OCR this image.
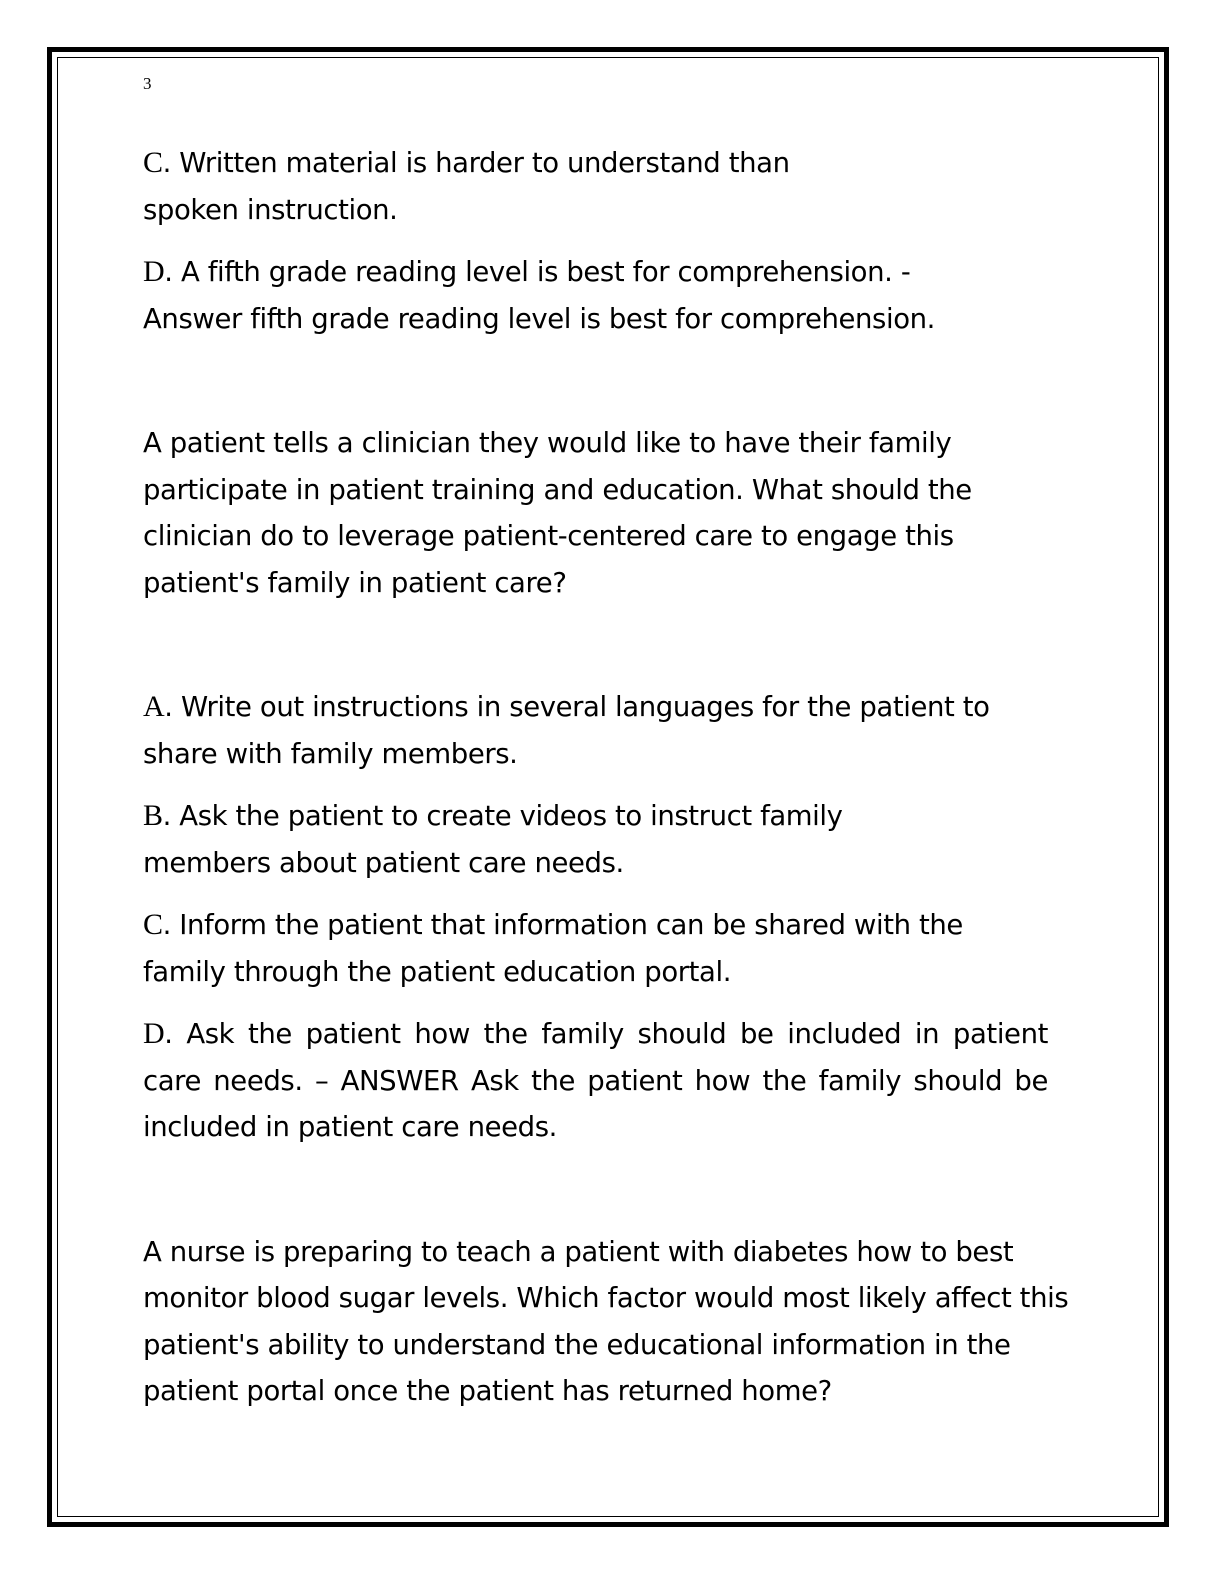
3

C. Written material is harder to understand than spoken instruction.

D. A fifth grade reading level is best for comprehension. - Answer fifth grade reading level is best for comprehension.

A patient tells a clinician they would like to have their family participate in patient training and education. What should the clinician do to leverage patient-centered care to engage this patient's family in patient care?

A. Write out instructions in several languages for the patient to share with family members.

B. Ask the patient to create videos to instruct family members about patient care needs.

C. Inform the patient that information can be shared with the family through the patient education portal.

D. Ask the patient how the family should be included in patient care needs. – ANSWER Ask the patient how the family should be included in patient care needs.

A nurse is preparing to teach a patient with diabetes how to best monitor blood sugar levels. Which factor would most likely affect this patient's ability to understand the educational information in the patient portal once the patient has returned home?
